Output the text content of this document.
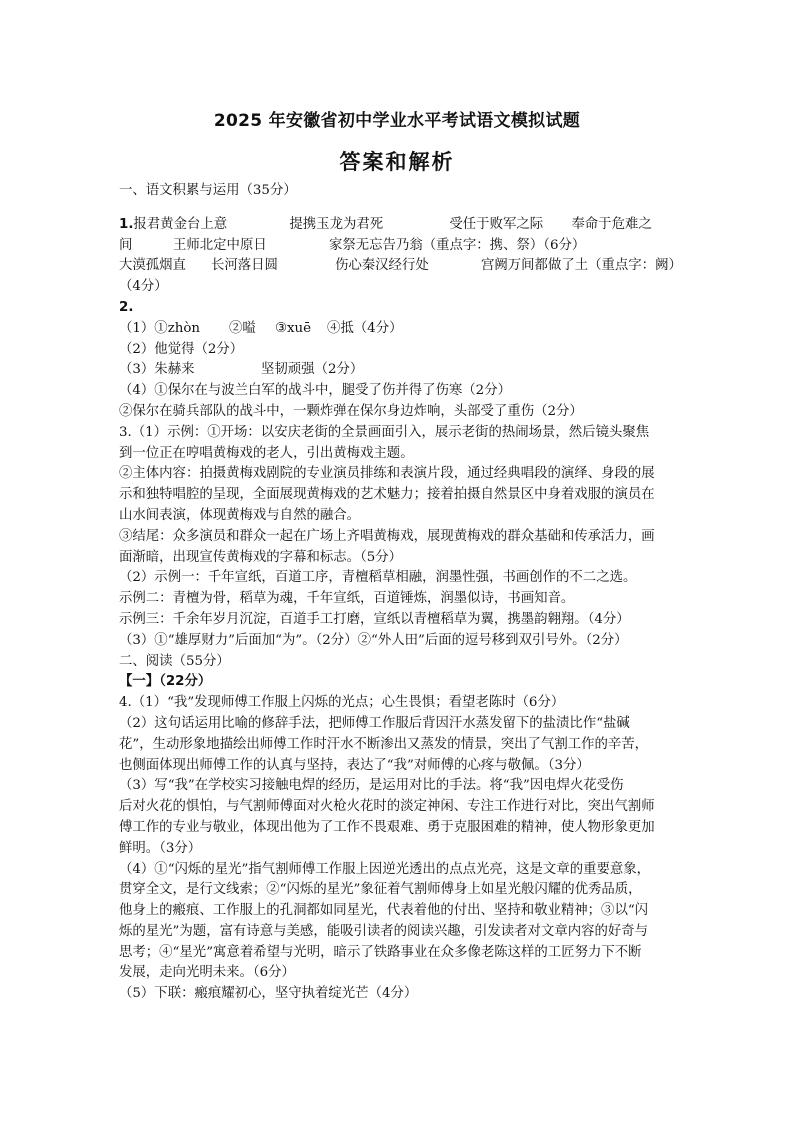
2025 年安徽省初中学业水平考试语文模拟试题
答案和解析
一、语文积累与运用（35分）
1. 报君黄金台上意	提携玉龙为君死	受任于败军之际	奉命于危难之
间	王师北定中原日	家祭无忘告乃翁（重点字：携、祭）（6分）
大漠孤烟直	长河落日圆	伤心秦汉经行处	宫阙万间都做了土（重点字：阙）
（4分）
2.
（1）①zhòn	②嗌	③xuē	④抵（4分）
（2）他觉得（2分）
（3）朱赫来	坚韧顽强（2分）
（4）①保尔在与波兰白军的战斗中，腿受了伤并得了伤寒（2分）
②保尔在骑兵部队的战斗中，一颗炸弹在保尔身边炸响，头部受了重伤（2分）
3.（1）示例：①开场：以安庆老街的全景画面引入，展示老街的热闹场景，然后镜头聚焦
到一位正在哼唱黄梅戏的老人，引出黄梅戏主题。
②主体内容：拍摄黄梅戏剧院的专业演员排练和表演片段，通过经典唱段的演绎、身段的展
示和独特唱腔的呈现，全面展现黄梅戏的艺术魅力；接着拍摄自然景区中身着戏服的演员在
山水间表演，体现黄梅戏与自然的融合。
③结尾：众多演员和群众一起在广场上齐唱黄梅戏，展现黄梅戏的群众基础和传承活力，画
面渐暗，出现宣传黄梅戏的字幕和标志。（5分）
（2）示例一：千年宣纸，百道工序，青檀稻草相融，润墨性强，书画创作的不二之选。
示例二：青檀为骨，稻草为魂，千年宣纸，百道锤炼，润墨似诗，书画知音。
示例三：千余年岁月沉淀，百道手工打磨，宣纸以青檀稻草为翼，携墨韵翱翔。（4分）
（3）①“雄厚财力”后面加“为”。（2分）②“外人田”后面的逗号移到双引号外。（2分）
二、阅读（55分）
【一】（22分）
4.（1）“我”发现师傅工作服上闪烁的光点；心生畏惧；看望老陈时（6分）
（2）这句话运用比喻的修辞手法，把师傅工作服后背因汗水蒸发留下的盐渍比作“盐碱
花”，生动形象地描绘出师傅工作时汗水不断渗出又蒸发的情景，突出了气割工作的辛苦，
也侧面体现出师傅工作的认真与坚持，表达了“我”对师傅的心疼与敬佩。（3分）
（3）写“我”在学校实习接触电焊的经历，是运用对比的手法。将“我”因电焊火花受伤
后对火花的惧怕，与气割师傅面对火枪火花时的淡定神闲、专注工作进行对比，突出气割师
傅工作的专业与敬业，体现出他为了工作不畏艰难、勇于克服困难的精神，使人物形象更加
鲜明。（3分）
（4）①“闪烁的星光”指气割师傅工作服上因逆光透出的点点光亮，这是文章的重要意象，
贯穿全文，是行文线索；②“闪烁的星光”象征着气割师傅身上如星光般闪耀的优秀品质，
他身上的瘢痕、工作服上的孔洞都如同星光，代表着他的付出、坚持和敬业精神；③以“闪
烁的星光”为题，富有诗意与美感，能吸引读者的阅读兴趣，引发读者对文章内容的好奇与
思考；④“星光”寓意着希望与光明，暗示了铁路事业在众多像老陈这样的工匠努力下不断
发展，走向光明未来。（6分）
（5）下联：瘢痕耀初心，坚守执着绽光芒（4分）
